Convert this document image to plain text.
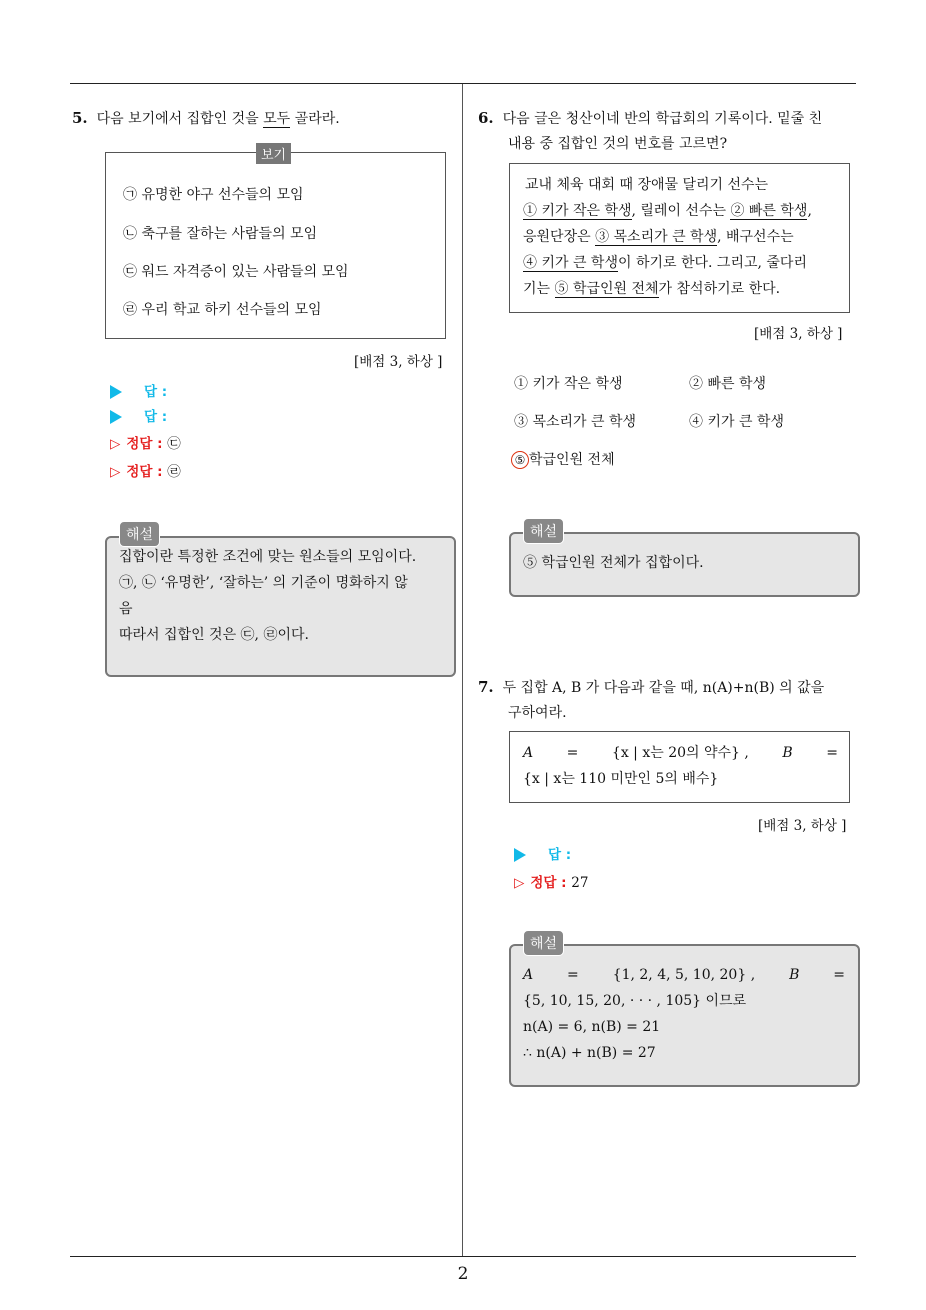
2
5. 다음 보기에서 집합인 것을 모두 골라라.
보기
㉠ 유명한 야구 선수들의 모임
㉡ 축구를 잘하는 사람들의 모임
㉢ 워드 자격증이 있는 사람들의 모임
㉣ 우리 학교 하키 선수들의 모임
[배점 3, 하상 ]
답 :
답 :
▷ 정답 : ㉢
▷ 정답 : ㉣
집합이란 특정한 조건에 맞는 원소들의 모임이다.
㉠, ㉡ ‘유명한’, ‘잘하는’ 의 기준이 명화하지 않
음
따라서 집합인 것은 ㉢, ㉣이다.
해설
6. 다음 글은 청산이네 반의 학급회의 기록이다. 밑줄 친
내용 중 집합인 것의 번호를 고르면?
교내 체육 대회 때 장애물 달리기 선수는
① 키가 작은 학생, 릴레이 선수는 ② 빠른 학생,
응원단장은 ③ 목소리가 큰 학생, 배구선수는
④ 키가 큰 학생이 하기로 한다. 그리고, 줄다리
기는 ⑤ 학급인원 전체가 참석하기로 한다.
[배점 3, 하상 ]
① 키가 작은 학생	② 빠른 학생
③ 목소리가 큰 학생	④ 키가 큰 학생
⑤ 학급인원 전체
⑤ 학급인원 전체가 집합이다.
해설
7. 두 집합 A, B 가 다음과 같을 때, n(A)+n(B) 의 값을
구하여라.
A = {x | x는 20의 약수} , B =
{x | x는 110 미만인 5의 배수}
[배점 3, 하상 ]
답 :
▷ 정답 : 27
A = {1, 2, 4, 5, 10, 20} , B =
{5, 10, 15, 20, · · · , 105} 이므로
n(A) = 6, n(B) = 21
∴ n(A) + n(B) = 27
해설
